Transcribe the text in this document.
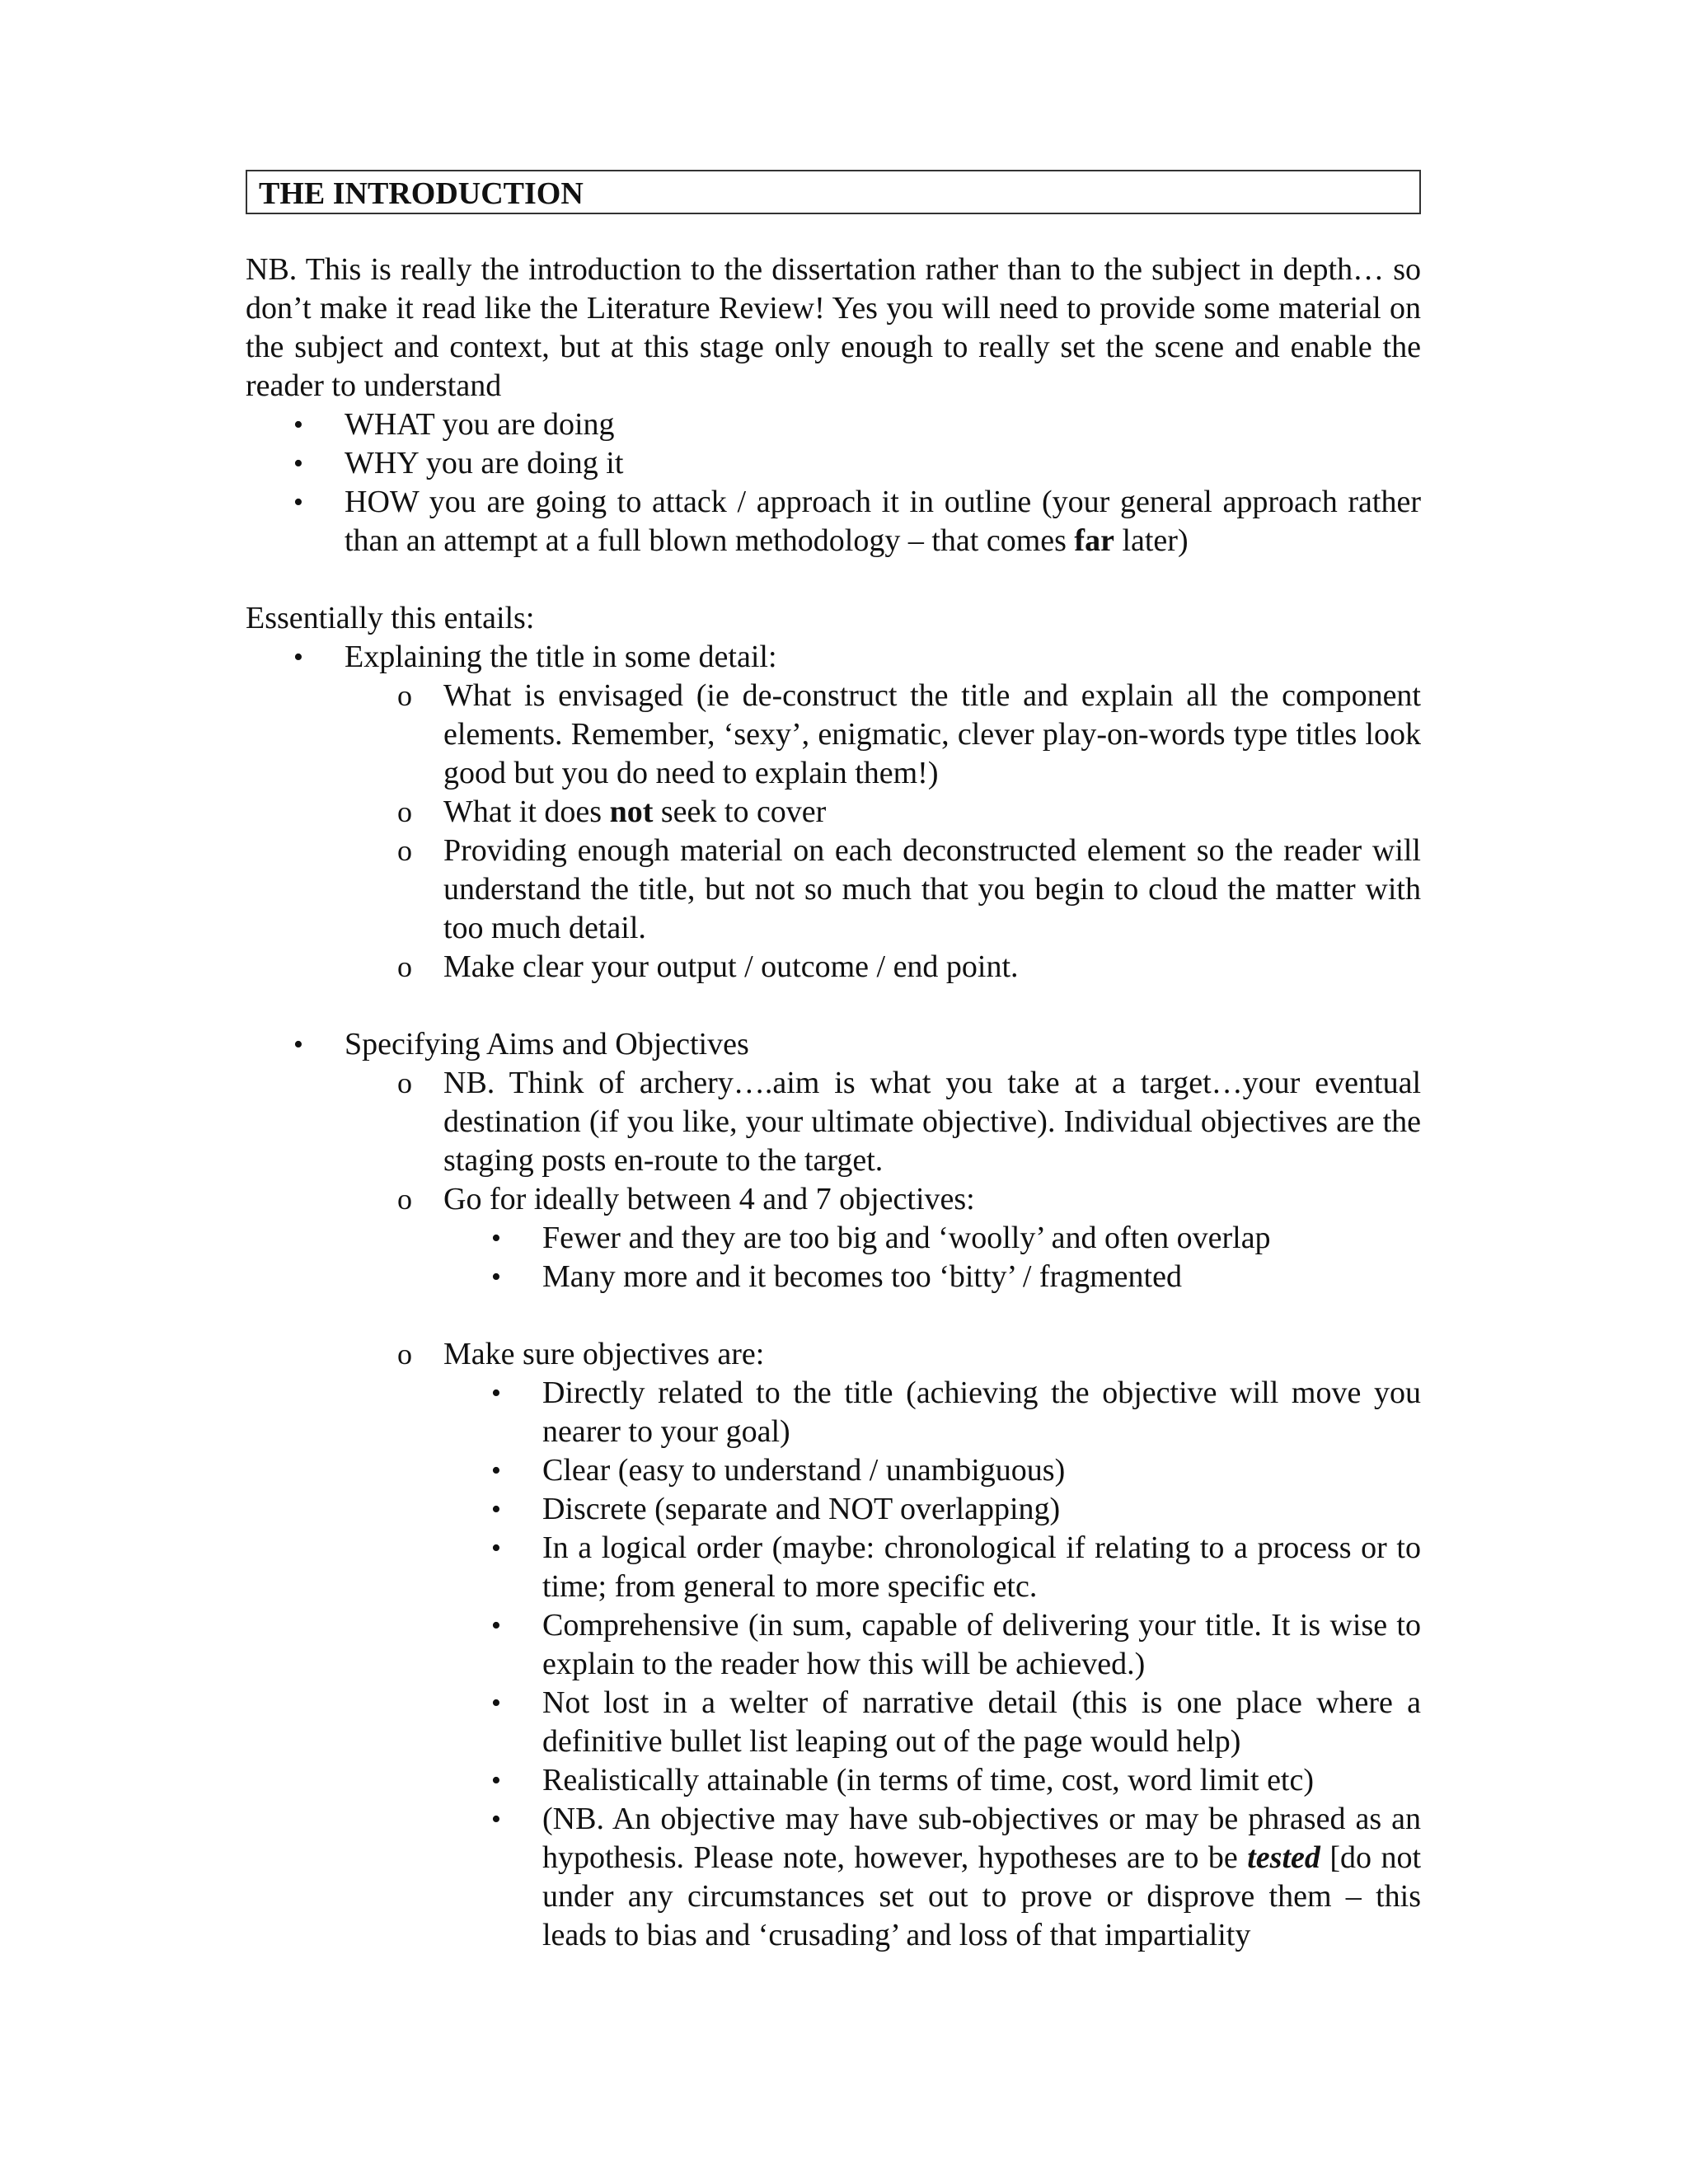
THE INTRODUCTION

NB. This is really the introduction to the dissertation rather than to the subject in depth… so don’t make it read like the Literature Review! Yes you will need to provide some material on the subject and context, but at this stage only enough to really set the scene and enable the reader to understand

• WHAT you are doing
• WHY you are doing it
• HOW you are going to attack / approach it in outline (your general approach rather than an attempt at a full blown methodology – that comes far later)

Essentially this entails:

• Explaining the title in some detail:
o What is envisaged (ie de-construct the title and explain all the component elements. Remember, ‘sexy’, enigmatic, clever play-on-words type titles look good but you do need to explain them!)
o What it does not seek to cover
o Providing enough material on each deconstructed element so the reader will understand the title, but not so much that you begin to cloud the matter with too much detail.
o Make clear your output / outcome / end point.
• Specifying Aims and Objectives
o NB. Think of archery….aim is what you take at a target…your eventual destination (if you like, your ultimate objective). Individual objectives are the staging posts en-route to the target.
o Go for ideally between 4 and 7 objectives:
• Fewer and they are too big and ‘woolly’ and often overlap
• Many more and it becomes too ‘bitty’ / fragmented
o Make sure objectives are:
• Directly related to the title (achieving the objective will move you nearer to your goal)
• Clear (easy to understand / unambiguous)
• Discrete (separate and NOT overlapping)
• In a logical order (maybe: chronological if relating to a process or to time; from general to more specific etc.
• Comprehensive (in sum, capable of delivering your title. It is wise to explain to the reader how this will be achieved.)
• Not lost in a welter of narrative detail (this is one place where a definitive bullet list leaping out of the page would help)
• Realistically attainable (in terms of time, cost, word limit etc)
• (NB. An objective may have sub-objectives or may be phrased as an hypothesis. Please note, however, hypotheses are to be tested [do not under any circumstances set out to prove or disprove them – this leads to bias and ‘crusading’ and loss of that impartiality
